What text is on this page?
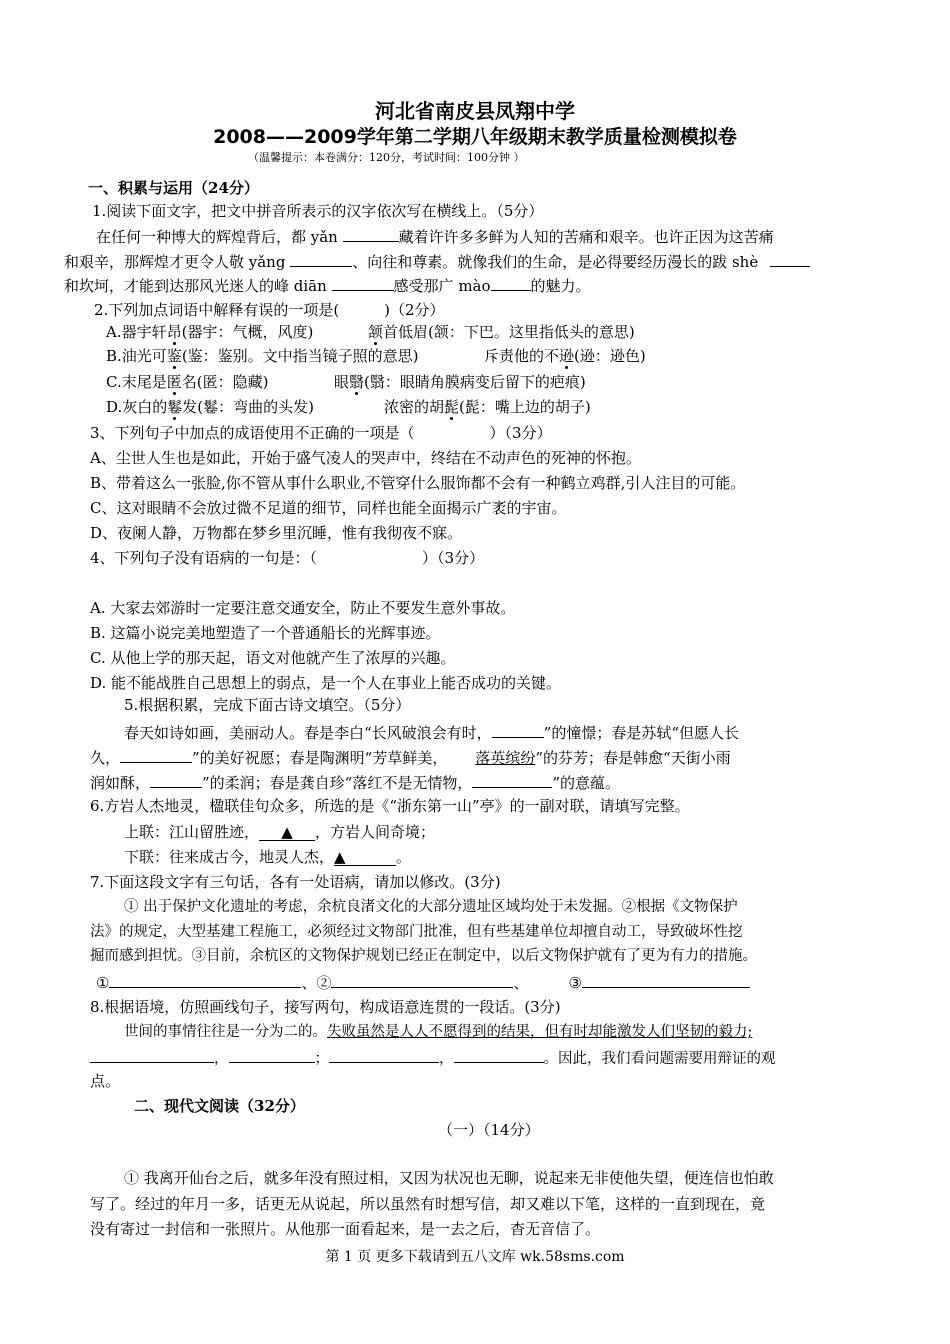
河北省南皮县凤翔中学
2008——2009学年第二学期八年级期末教学质量检测模拟卷
（温馨提示：本卷满分：120分，考试时间：100分钟 ）
一、积累与运用（24分）
1.阅读下面文字，把文中拼音所表示的汉字依次写在横线上。（5分）
在任何一种博大的辉煌背后，都 yǎn	藏着许许多多鲜为人知的苦痛和艰辛。也许正因为这苦痛
和艰辛，那辉煌才更令人敬 yǎng	、向往和尊素。就像我们的生命，是必得要经历漫长的跋 shè
和坎坷，才能到达那风光迷人的峰 diān	感受那广 mào	的魅力。
2.下列加点词语中解释有误的一项是(　　　)（2分）
A.器宇轩昂(器宇：气概，风度)	颔首低眉(颔：下巴。这里指低头的意思)
B.油光可鉴(鉴：鉴别。文中指当镜子照的意思)	斥责他的不逊(逊：逊色)
C.末尾是匿名(匿：隐藏)	眼翳(翳：眼睛角膜病变后留下的疤痕)
D.灰白的鬈发(鬈：弯曲的头发)	浓密的胡髭(髭：嘴上边的胡子)
3、下列句子中加点的成语使用不正确的一项是（　　　　　）（3分）
A、尘世人生也是如此，开始于盛气凌人的哭声中，终结在不动声色的死神的怀抱。
B、带着这么一张脸,你不管从事什么职业,不管穿什么服饰都不会有一种鹤立鸡群,引人注目的可能。
C、这对眼睛不会放过微不足道的细节，同样也能全面揭示广袤的宇宙。
D、夜阑人静，万物都在梦乡里沉睡，惟有我彻夜不寐。
4、下列句子没有语病的一句是：（　　　　　　　）（3分）
A. 大家去郊游时一定要注意交通安全，防止不要发生意外事故。
B. 这篇小说完美地塑造了一个普通船长的光辉事迹。
C. 从他上学的那天起，语文对他就产生了浓厚的兴趣。
D. 能不能战胜自己思想上的弱点，是一个人在事业上能否成功的关键。
5.根据积累，完成下面古诗文填空。（5分）
春天如诗如画，美丽动人。春是李白“长风破浪会有时，	”的憧憬；春是苏轼“但愿人长
久，	”的美好祝愿；春是陶渊明“芳草鲜美， 落英缤纷”的芬芳；春是韩愈“天街小雨
润如酥，	”的柔润；春是龚自珍“落红不是无情物，	”的意蕴。
6.方岩人杰地灵，楹联佳句众多，所选的是《“浙东第一山”亭》的一副对联，请填写完整。
上联：江山留胜迹， ▲ ，方岩人间奇境；
下联：往来成古今，地灵人杰，▲	。
7.下面这段文字有三句话，各有一处语病，请加以修改。(3分)
① 出于保护文化遗址的考虑，余杭良渚文化的大部分遗址区域均处于未发掘。②根据《文物保护
法》的规定，大型基建工程施工，必须经过文物部门批准，但有些基建单位却擅自动工，导致破坏性挖
掘而感到担忧。③目前，余杭区的文物保护规划已经正在制定中，以后文物保护就有了更为有力的措施。
①	、②	、	③
8.根据语境，仿照画线句子，接写两句，构成语意连贯的一段话。(3分)
世间的事情往往是一分为二的。失败虽然是人人不愿得到的结果，但有时却能激发人们坚韧的毅力;
，	；	，	。因此，我们看问题需要用辩证的观
点。
二、现代文阅读（32分）
（一）（14分）
① 我离开仙台之后，就多年没有照过相，又因为状况也无聊，说起来无非使他失望，便连信也怕敢
写了。经过的年月一多，话更无从说起，所以虽然有时想写信，却又难以下笔，这样的一直到现在，竟
没有寄过一封信和一张照片。从他那一面看起来，是一去之后，杳无音信了。
第 1 页 更多下载请到五八文库 wk.58sms.com
